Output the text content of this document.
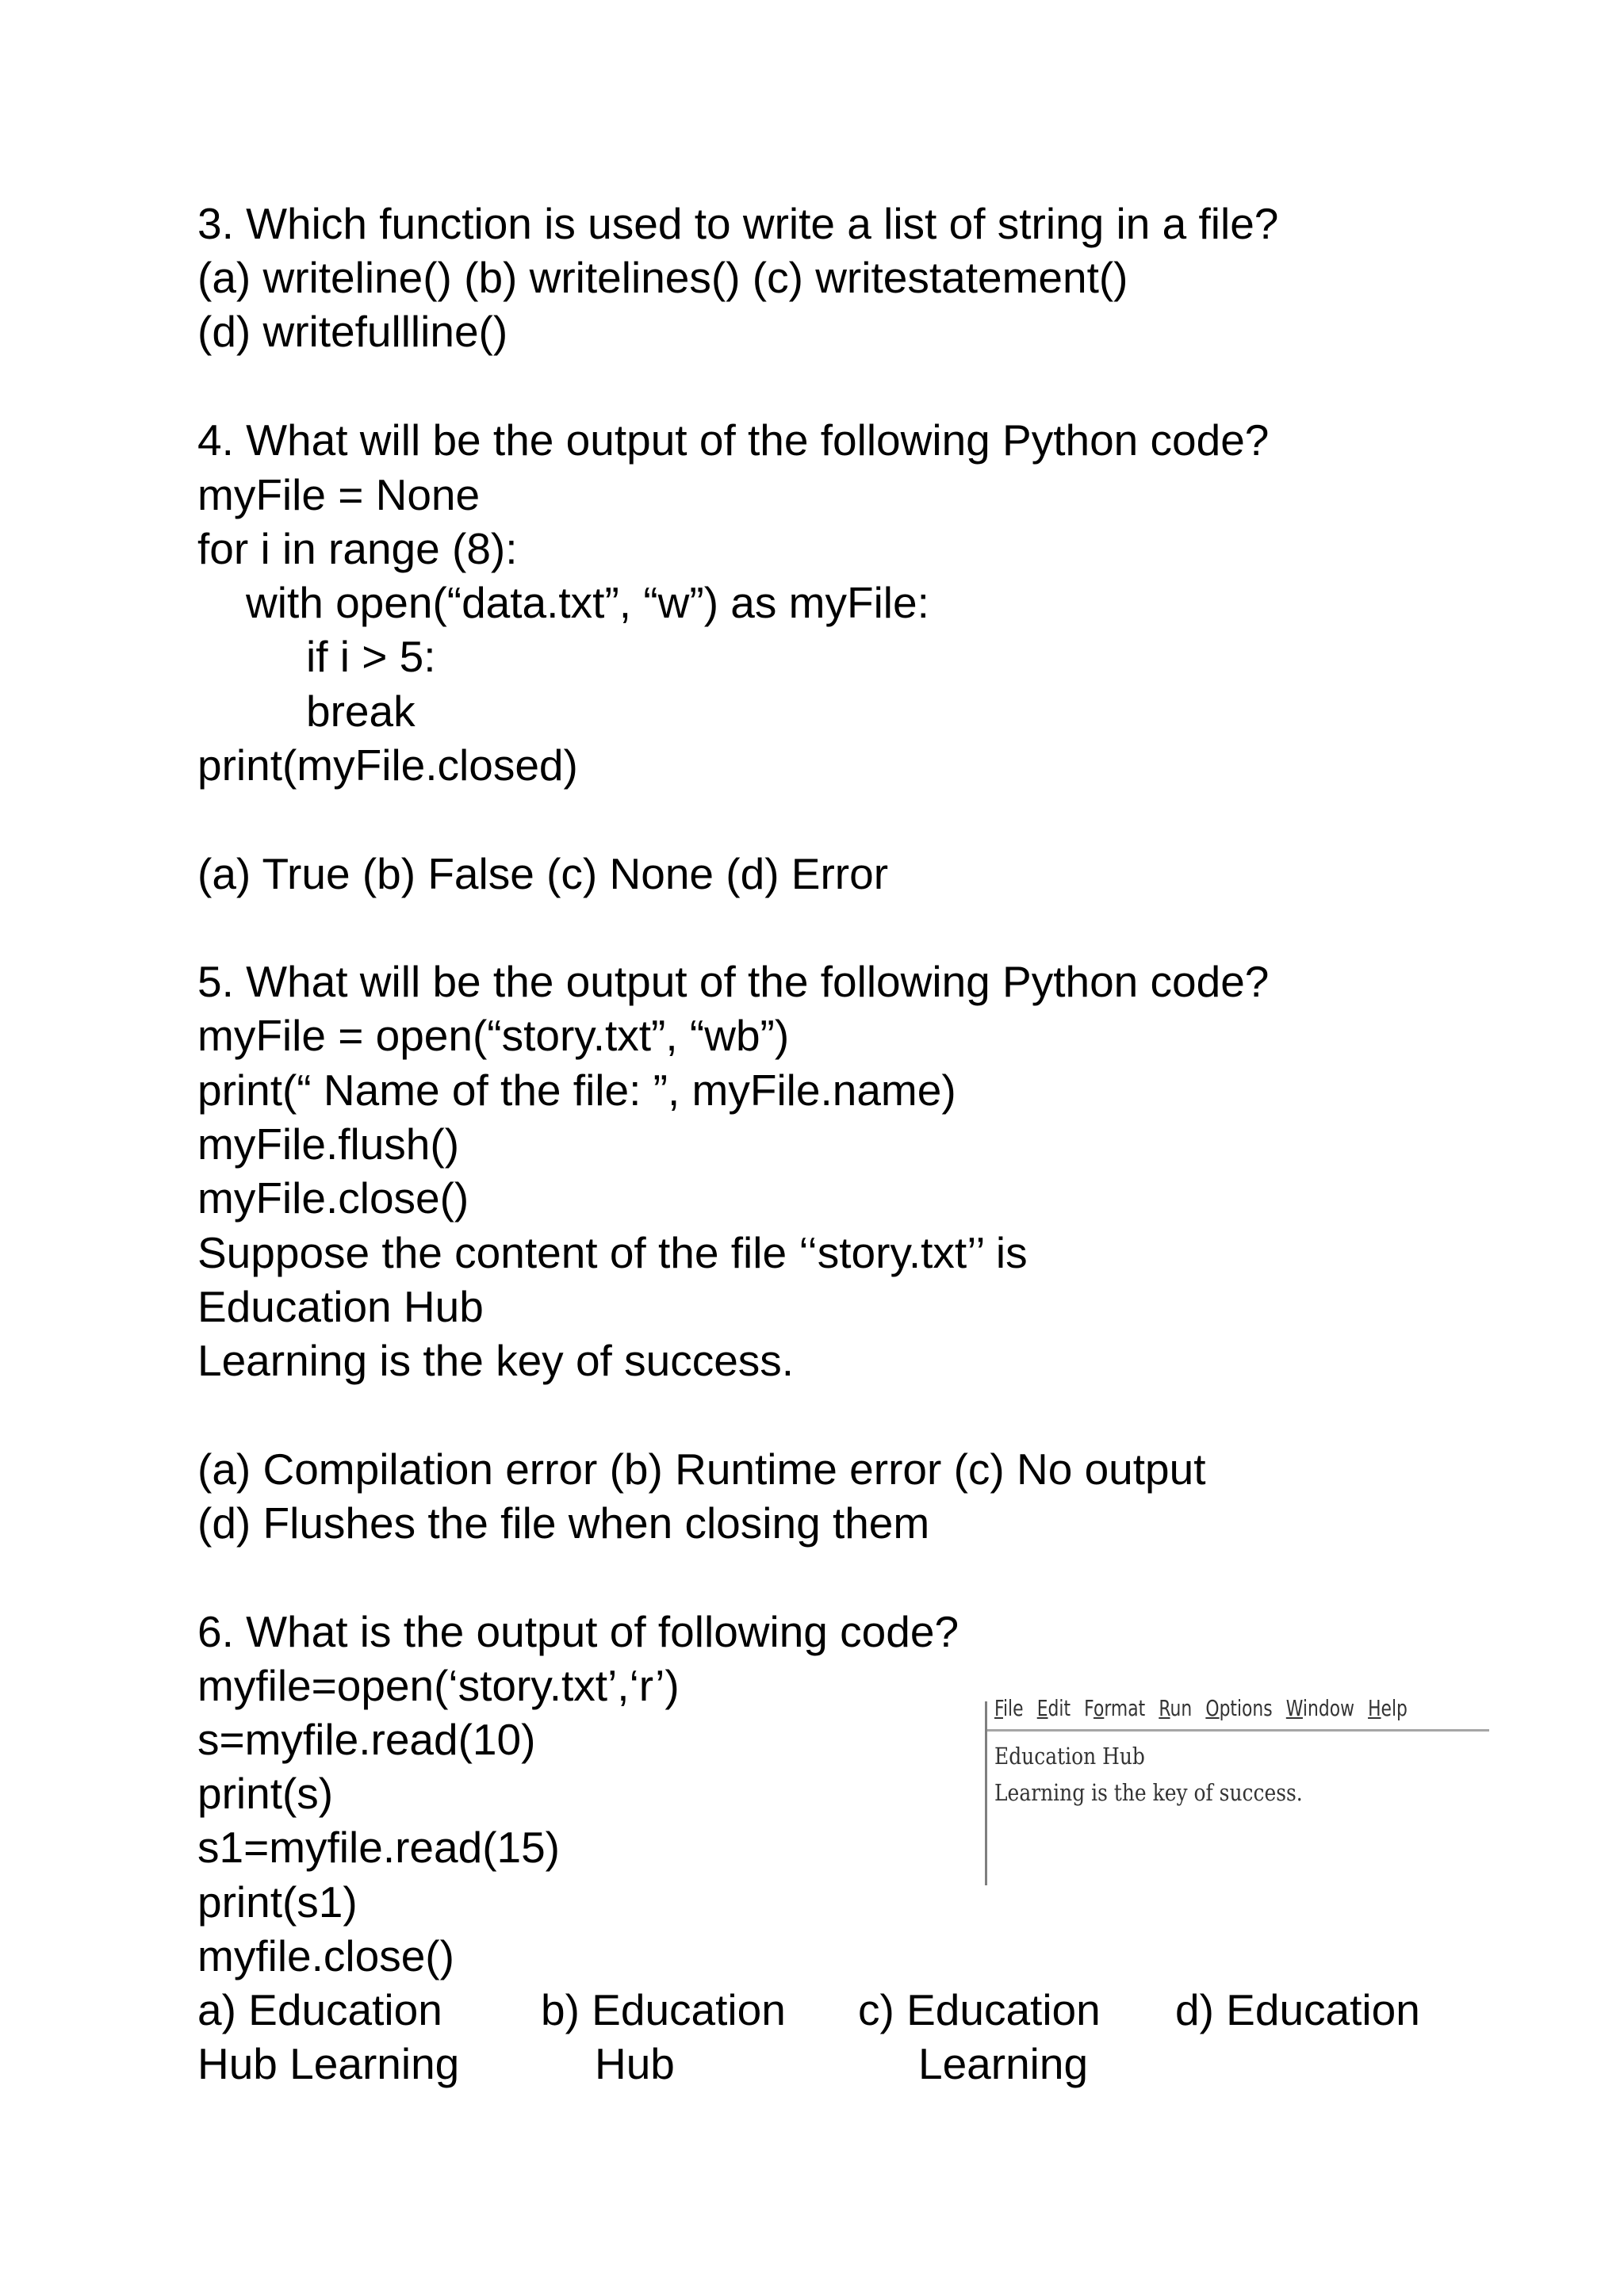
3. Which function is used to write a list of string in a file?
(a) writeline() (b) writelines() (c) writestatement()
(d) writefullline()
4. What will be the output of the following Python code?
myFile = None
for i in range (8):
with open(“data.txt”, “w”) as myFile:
if i > 5:
break
print(myFile.closed)
(a) True (b) False (c) None (d) Error
5. What will be the output of the following Python code?
myFile = open(“story.txt”, “wb”)
print(“ Name of the file: ”, myFile.name)
myFile.flush()
myFile.close()
Suppose the content of the file ‘‘story.txt’’ is
Education Hub
Learning is the key of success.
(a) Compilation error (b) Runtime error (c) No output
(d) Flushes the file when closing them
6. What is the output of following code?
myfile=open(‘story.txt’,‘r’)
s=myfile.read(10)
print(s)
s1=myfile.read(15)
print(s1)
myfile.close()
a) Education
Hub Learning
b) Education
Hub
c) Education
Learning
d) Education
File Edit Format Run Options Window Help
Education Hub
Learning is the key of success.
